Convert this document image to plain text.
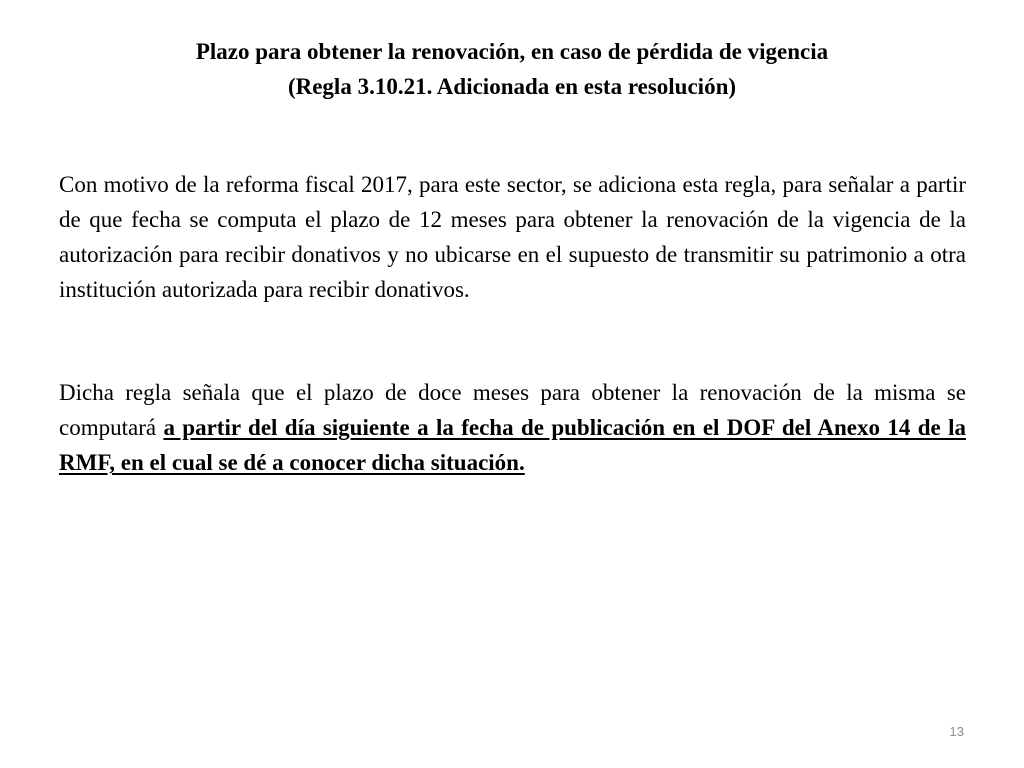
Plazo para obtener la renovación, en caso de pérdida de vigencia
(Regla 3.10.21. Adicionada en esta resolución)

Con motivo de la reforma fiscal 2017, para este sector, se adiciona esta regla, para señalar a partir de que fecha se computa el plazo de 12 meses para obtener la renovación de la vigencia de la autorización para recibir donativos y no ubicarse en el supuesto de transmitir su patrimonio a otra institución autorizada para recibir donativos.

Dicha regla señala que el plazo de doce meses para obtener la renovación de la misma se computará a partir del día siguiente a la fecha de publicación en el DOF del Anexo 14 de la RMF, en el cual se dé a conocer dicha situación.

13
